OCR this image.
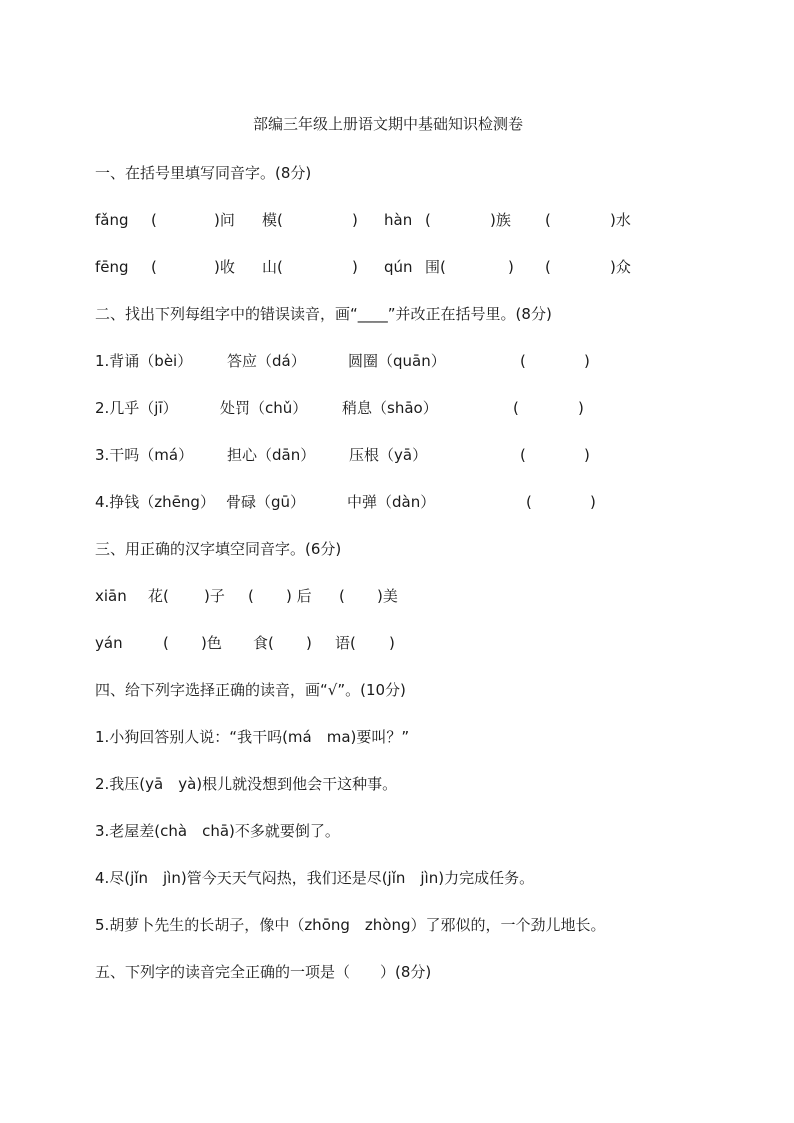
部编三年级上册语文期中基础知识检测卷
一、在括号里填写同音字。(8分)
fǎng (	)问 模(	) hàn (	)族 (	)水
fēng (	)收 山(	) qún 围(	) (	)众
二、找出下列每组字中的错误读音，画“____”并改正在括号里。(8分)
1.背诵（bèi） 答应（dá）	圆圈（quān）	(	)
2.几乎（jī）	处罚（chǔ） 稍息（shāo）	(	)
3.干吗（má） 担心（dān） 压根（yā）	(	)
4.挣钱（zhēng） 骨碌（gū）	中弹（dàn）	(	)
三、用正确的汉字填空同音字。(6分)
xiān 花( )子 ( ) 后 ( )美
yán	( )色 食( ) 语( )
四、给下列字选择正确的读音，画“√”。(10分)
1.小狗回答别人说：“我干吗(má　ma)要叫？”
2.我压(yā　yà)根儿就没想到他会干这种事。
3.老屋差(chà　chā)不多就要倒了。
4.尽(jǐn　jìn)管今天天气闷热，我们还是尽(jǐn　jìn)力完成任务。
5.胡萝卜先生的长胡子，像中（zhōng　zhòng）了邪似的，一个劲儿地长。
五、下列字的读音完全正确的一项是（　　）(8分)
